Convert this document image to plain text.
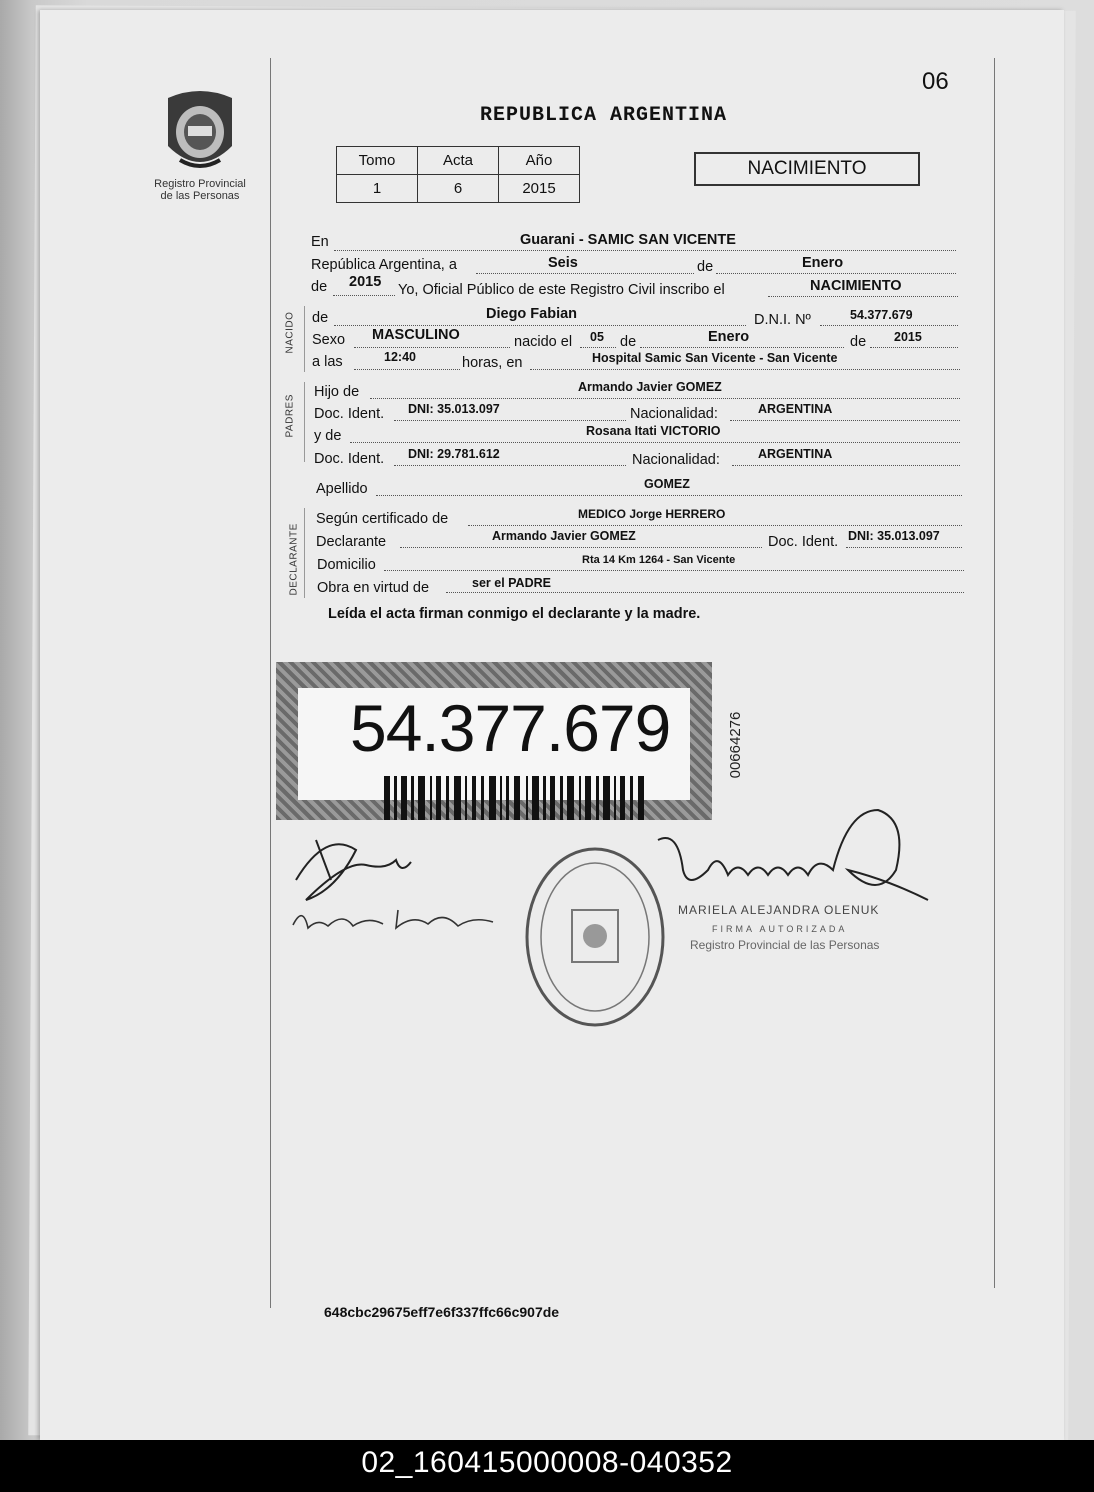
06
REPUBLICA ARGENTINA
Registro Provincial
de las Personas
Tomo	Acta	Año
1	6	2015
NACIMIENTO
NACIDO
PADRES
DECLARANTE
En	Guarani - SAMIC SAN VICENTE
República Argentina, a	Seis	de	Enero
de 2015 Yo, Oficial Público de este Registro Civil inscribo el	NACIMIENTO
de	Diego Fabian	D.N.I. Nº	54.377.679
Sexo MASCULINO	nacido el 05 de	Enero	de 2015
a las	12:40	horas, en	Hospital Samic San Vicente - San Vicente
Hijo de	Armando Javier GOMEZ
Doc. Ident. DNI: 35.013.097	Nacionalidad:	ARGENTINA
y de	Rosana Itati VICTORIO
Doc. Ident. DNI: 29.781.612	Nacionalidad:	ARGENTINA
Apellido	GOMEZ
Según certificado de	MEDICO Jorge HERRERO
Declarante	Armando Javier GOMEZ	Doc. Ident. DNI: 35.013.097
Domicilio	Rta 14 Km 1264 - San Vicente
Obra en virtud de	ser el PADRE
Leída el acta firman conmigo el declarante y la madre.
54.377.679	00664276
MARIELA ALEJANDRA OLENUK
FIRMA AUTORIZADA
Registro Provincial de las Personas
648cbc29675eff7e6f337ffc66c907de
02_160415000008-040352
